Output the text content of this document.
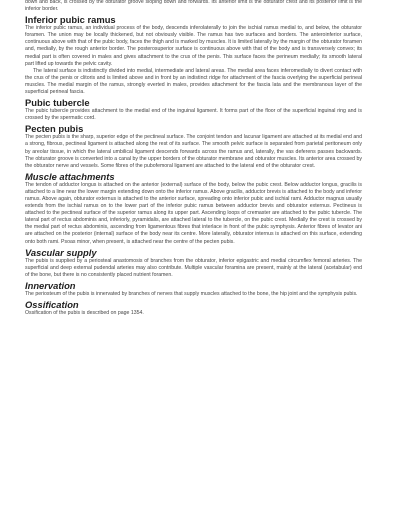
down and back, is crossed by the obturator groove sloping down and forwards. Its anterior limit is the obturator crest and its posterior limit is the inferior border.

Inferior pubic ramus

The inferior pubic ramus, an individual process of the body, descends inferolaterally to join the ischial ramus medial to, and below, the obturator foramen. The union may be locally thickened, but not obviously visible. The ramus has two surfaces and borders. The anteroinferior surface, continuous above with that of the pubic body, faces the thigh and is marked by muscles. It is limited laterally by the margin of the obturator foramen and, medially, by the rough anterior border. The posterosuperior surface is continuous above with that of the body and is transversely convex; its medial part is often covered in males and gives attachment to the crus of the penis. This surface faces the perineum medially; its smooth lateral part lifted up towards the pelvic cavity.

The lateral surface is indistinctly divided into medial, intermediate and lateral areas. The medial area faces inferomedially to divert contact with the crus of the penis or clitoris and is limited above and in front by an indistinct ridge for attachment of the fascia overlying the superficial perineal muscles. The medial margin of the ramus, strongly everted in males, provides attachment for the fascia lata and the membranous layer of the superficial perineal fascia.

Pubic tubercle

The pubic tubercle provides attachment to the medial end of the inguinal ligament. It forms part of the floor of the superficial inguinal ring and is crossed by the spermatic cord.

Pecten pubis

The pecten pubis is the sharp, superior edge of the pectineal surface. The conjoint tendon and lacunar ligament are attached at its medial end and a strong, fibrous, pectineal ligament is attached along the rest of its surface. The smooth pelvic surface is separated from parietal peritoneum only by areolar tissue, in which the lateral umbilical ligament descends forwards across the ramus and, laterally, the vas deferens passes backwards. The obturator groove is converted into a canal by the upper borders of the obturator membrane and obturator muscles. Its anterior area crossed by the obturator nerve and vessels. Some fibres of the pubofemoral ligament are attached to the lateral end of the obturator crest.

Muscle attachments

The tendon of adductor longus is attached on the anterior (external) surface of the body, below the pubic crest. Below adductor longus, gracilis is attached to a line near the lower margin extending down onto the inferior ramus. Above gracilis, adductor brevis is attached to the body and inferior ramus. Above again, obturator externus is attached to the anterior surface, spreading onto inferior pubic and ischial rami. Adductor magnus usually extends from the ischial ramus on to the lower part of the inferior pubic ramus between adductor brevis and obturator externus. Pectineus is attached to the pectineal surface of the superior ramus along its upper part. Ascending loops of cremaster are attached to the pubic tubercle. The lateral part of rectus abdominis and, inferiorly, pyramidalis, are attached lateral to the tubercle, on the pubic crest. Medially the crest is crossed by the medial part of rectus abdominis, ascending from ligamentous fibres that interlace in front of the pubic symphysis. Anterior fibres of levator ani are attached on the posterior (internal) surface of the body near its centre. More laterally, obturator internus is attached on this surface, extending onto both rami. Psoas minor, when present, is attached near the centre of the pecten pubis.

Vascular supply

The pubis is supplied by a periosteal anastomosis of branches from the obturator, inferior epigastric and medial circumflex femoral arteries. The superficial and deep external pudendal arteries may also contribute. Multiple vascular foramina are present, mainly at the lateral (acetabular) end of the bone, but there is no consistently placed nutrient foramen.

Innervation

The periosteum of the pubis is innervated by branches of nerves that supply muscles attached to the bone, the hip joint and the symphysis pubis.

Ossification

Ossification of the pubis is described on page 1354.
